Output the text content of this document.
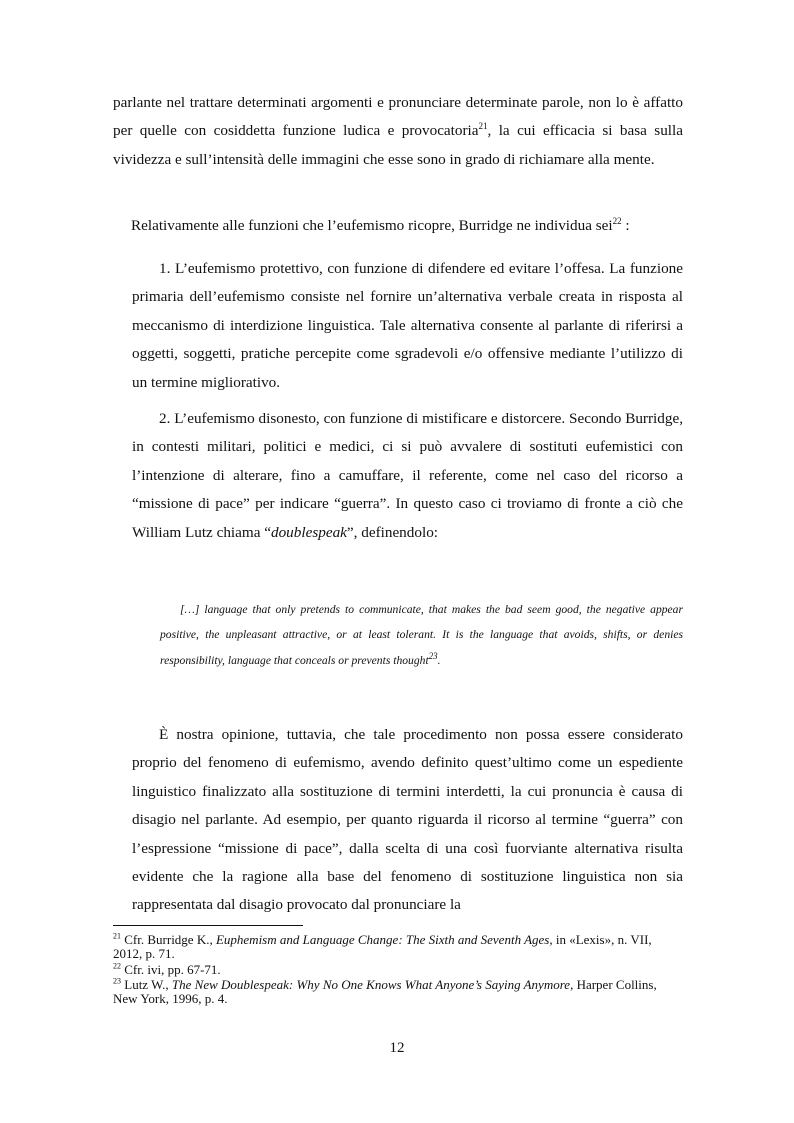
parlante nel trattare determinati argomenti e pronunciare determinate parole, non lo è affatto per quelle con cosiddetta funzione ludica e provocatoria$^{21}$, la cui efficacia si basa sulla vividezza e sull’intensità delle immagini che esse sono in grado di richiamare alla mente.

Relativamente alle funzioni che l’eufemismo ricopre, Burridge ne individua sei$^{22}$ :

1. L’eufemismo protettivo, con funzione di difendere ed evitare l’offesa. La funzione primaria dell’eufemismo consiste nel fornire un’alternativa verbale creata in risposta al meccanismo di interdizione linguistica. Tale alternativa consente al parlante di riferirsi a oggetti, soggetti, pratiche percepite come sgradevoli e/o offensive mediante l’utilizzo di un termine migliorativo.

2. L’eufemismo disonesto, con funzione di mistificare e distorcere. Secondo Burridge, in contesti militari, politici e medici, ci si può avvalere di sostituti eufemistici con l’intenzione di alterare, fino a camuffare, il referente, come nel caso del ricorso a “missione di pace” per indicare “guerra”. In questo caso ci troviamo di fronte a ciò che William Lutz chiama “doublespeak”, definendolo:

[…] language that only pretends to communicate, that makes the bad seem good, the negative appear positive, the unpleasant attractive, or at least tolerant. It is the language that avoids, shifts, or denies responsibility, language that conceals or prevents thought$^{23}$.

È nostra opinione, tuttavia, che tale procedimento non possa essere considerato proprio del fenomeno di eufemismo, avendo definito quest’ultimo come un espediente linguistico finalizzato alla sostituzione di termini interdetti, la cui pronuncia è causa di disagio nel parlante. Ad esempio, per quanto riguarda il ricorso al termine “guerra” con l’espressione “missione di pace”, dalla scelta di una così fuorviante alternativa risulta evidente che la ragione alla base del fenomeno di sostituzione linguistica non sia rappresentata dal disagio provocato dal pronunciare la

$^{21}$ Cfr. Burridge K., Euphemism and Language Change: The Sixth and Seventh Ages, in «Lexis», n. VII, 2012, p. 71.

$^{22}$ Cfr. ivi, pp. 67-71.

$^{23}$ Lutz W., The New Doublespeak: Why No One Knows What Anyone’s Saying Anymore, Harper Collins, New York, 1996, p. 4.

12
